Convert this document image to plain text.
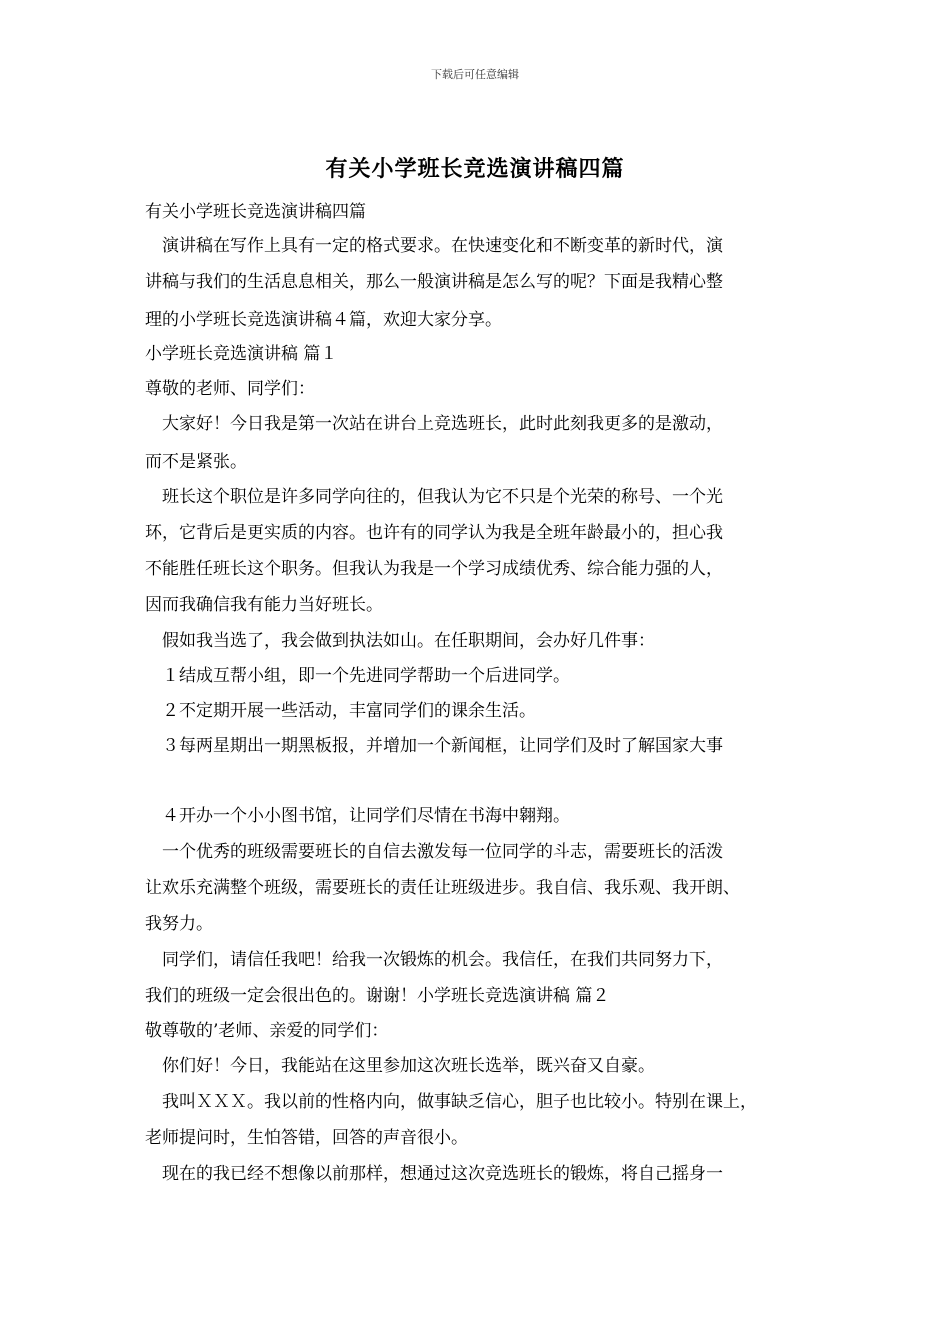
下载后可任意编辑
有关小学班长竞选演讲稿四篇
有关小学班长竞选演讲稿四篇
　演讲稿在写作上具有一定的格式要求。在快速变化和不断变革的新时代，演
讲稿与我们的生活息息相关，那么一般演讲稿是怎么写的呢？下面是我精心整
理的小学班长竞选演讲稿４篇，欢迎大家分享。
小学班长竞选演讲稿 篇１
尊敬的老师、同学们：
　大家好！今日我是第一次站在讲台上竞选班长，此时此刻我更多的是激动，
而不是紧张。
　班长这个职位是许多同学向往的，但我认为它不只是个光荣的称号、一个光
环，它背后是更实质的内容。也许有的同学认为我是全班年龄最小的，担心我
不能胜任班长这个职务。但我认为我是一个学习成绩优秀、综合能力强的人，
因而我确信我有能力当好班长。
　假如我当选了，我会做到执法如山。在任职期间，会办好几件事：
　１结成互帮小组，即一个先进同学帮助一个后进同学。
　２不定期开展一些活动，丰富同学们的课余生活。
　３每两星期出一期黑板报，并增加一个新闻框，让同学们及时了解国家大事
　４开办一个小小图书馆，让同学们尽情在书海中翱翔。
　一个优秀的班级需要班长的自信去激发每一位同学的斗志，需要班长的活泼
让欢乐充满整个班级，需要班长的责任让班级进步。我自信、我乐观、我开朗、
我努力。
　同学们，请信任我吧！给我一次锻炼的机会。我信任，在我们共同努力下，
我们的班级一定会很出色的。谢谢！小学班长竞选演讲稿 篇２
敬尊敬的’老师、亲爱的同学们：
　你们好！今日，我能站在这里参加这次班长选举，既兴奋又自豪。
　我叫ＸＸＸ。我以前的性格内向，做事缺乏信心，胆子也比较小。特别在课上，
老师提问时，生怕答错，回答的声音很小。
　现在的我已经不想像以前那样，想通过这次竞选班长的锻炼，将自己摇身一
